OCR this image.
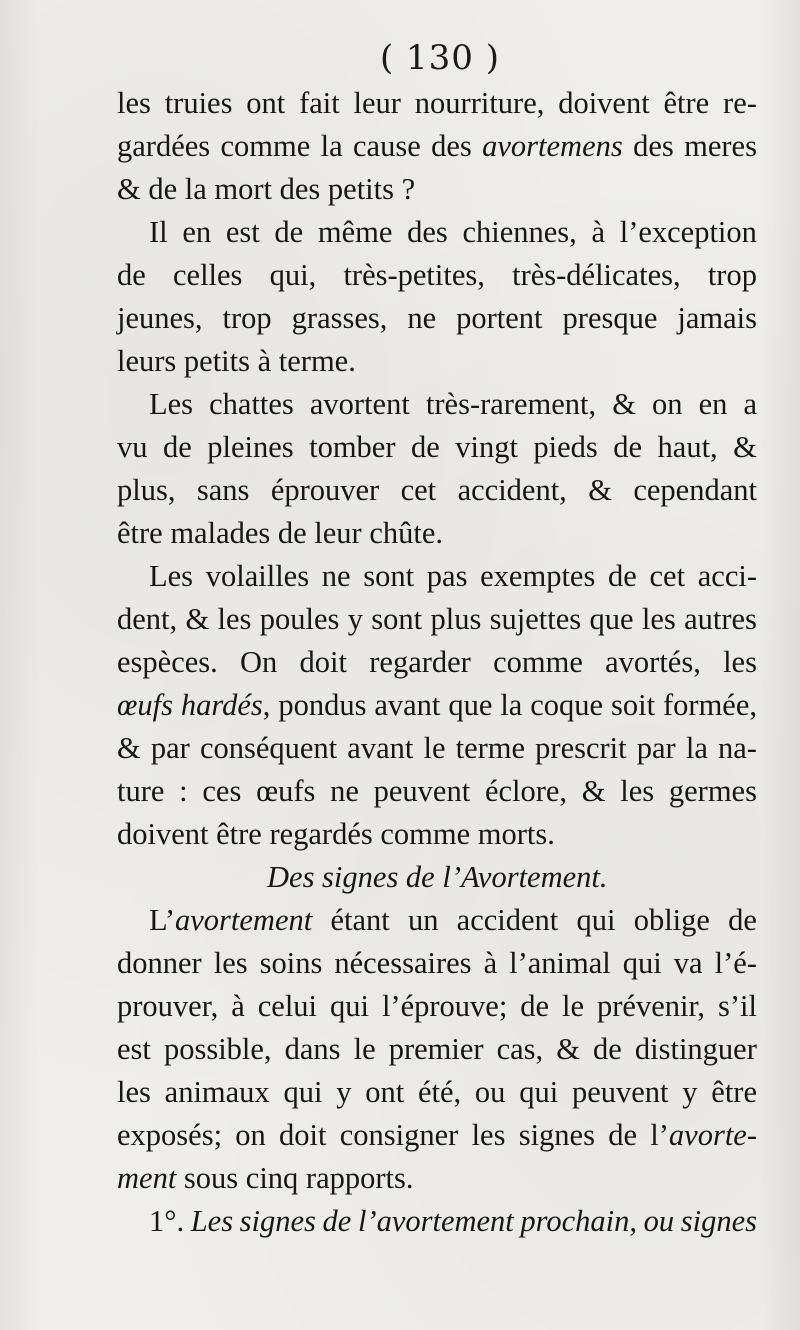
( 130 )
les truies ont fait leur nourriture, doivent être re-
gardées comme la cause des avortemens des meres
& de la mort des petits ?
Il en est de même des chiennes, à l’exception
de celles qui, très-petites, très-délicates, trop
jeunes, trop grasses, ne portent presque jamais
leurs petits à terme.
Les chattes avortent très-rarement, & on en a
vu de pleines tomber de vingt pieds de haut, &
plus, sans éprouver cet accident, & cependant
être malades de leur chûte.
Les volailles ne sont pas exemptes de cet acci-
dent, & les poules y sont plus sujettes que les autres
espèces. On doit regarder comme avortés, les
œufs hardés, pondus avant que la coque soit formée,
& par conséquent avant le terme prescrit par la na-
ture : ces œufs ne peuvent éclore, & les germes
doivent être regardés comme morts.
Des signes de l’Avortement.
L’avortement étant un accident qui oblige de
donner les soins nécessaires à l’animal qui va l’é-
prouver, à celui qui l’éprouve; de le prévenir, s’il
est possible, dans le premier cas, & de distinguer
les animaux qui y ont été, ou qui peuvent y être
exposés; on doit consigner les signes de l’avorte-
ment sous cinq rapports.
1°. Les signes de l’avortement prochain, ou signes
